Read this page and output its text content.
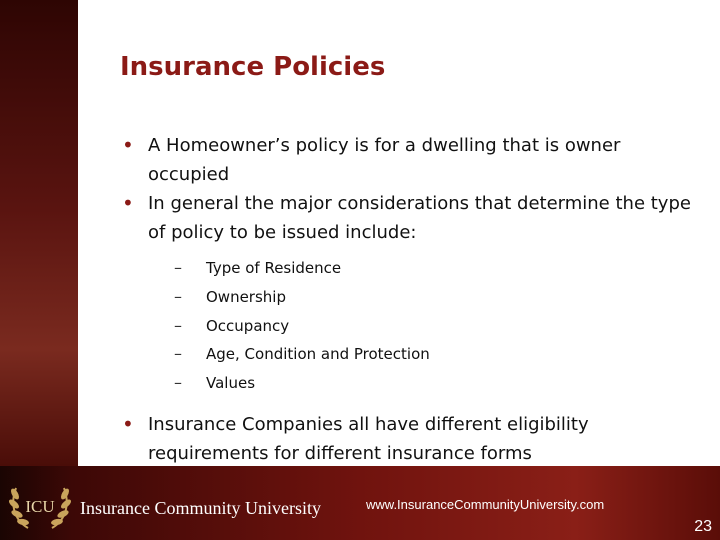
Insurance Policies
• A Homeowner’s policy is for a dwelling that is owner occupied
• In general the major considerations that determine the type of policy to be issued include:
– Type of Residence
– Ownership
– Occupancy
– Age, Condition and Protection
– Values
• Insurance Companies all have different eligibility requirements for different insurance forms
ICU Insurance Community University	www.InsuranceCommunityUniversity.com
23
